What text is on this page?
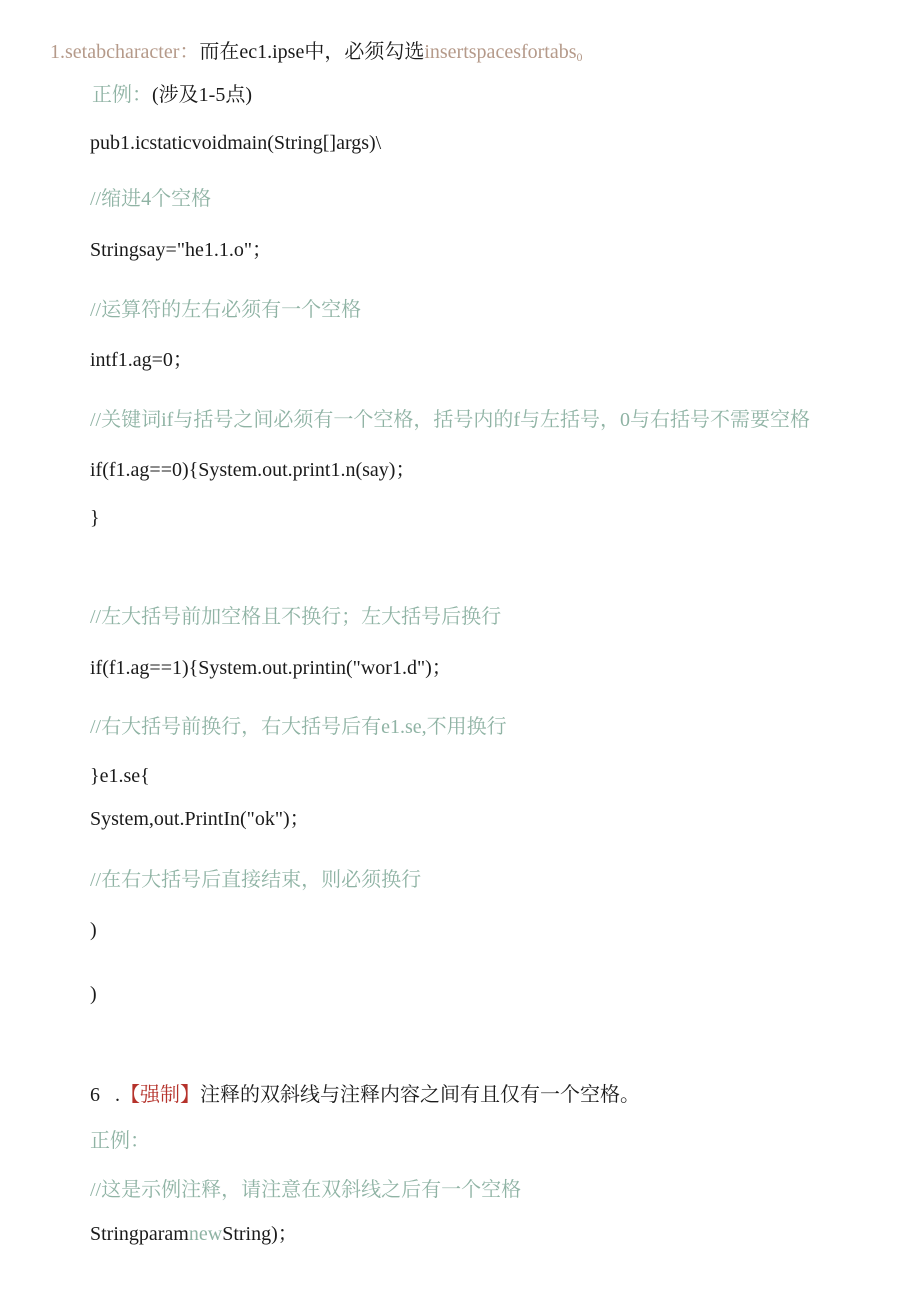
1.setabcharacter：而在ec1.ipse中，必须勾选insertspacesfortabs$_0$
正例：(涉及1-5点)
pub1.icstaticvoidmain(String[]args)\
//缩进4个空格
Stringsay="he1.1.o"；
//运算符的左右必须有一个空格
intf1.ag=0；
//关键词if与括号之间必须有一个空格，括号内的f与左括号，0与右括号不需要空格
if(f1.ag==0){System.out.print1.n(say)；
}
//左大括号前加空格且不换行；左大括号后换行
if(f1.ag==1){System.out.printin("wor1.d")；
//右大括号前换行，右大括号后有e1.se,不用换行
}e1.se{
System,out.PrintIn("ok")；
//在右大括号后直接结束，则必须换行
)
)
6 .【强制】注释的双斜线与注释内容之间有且仅有一个空格。
正例：
//这是示例注释，请注意在双斜线之后有一个空格
StringparamnewString)；
